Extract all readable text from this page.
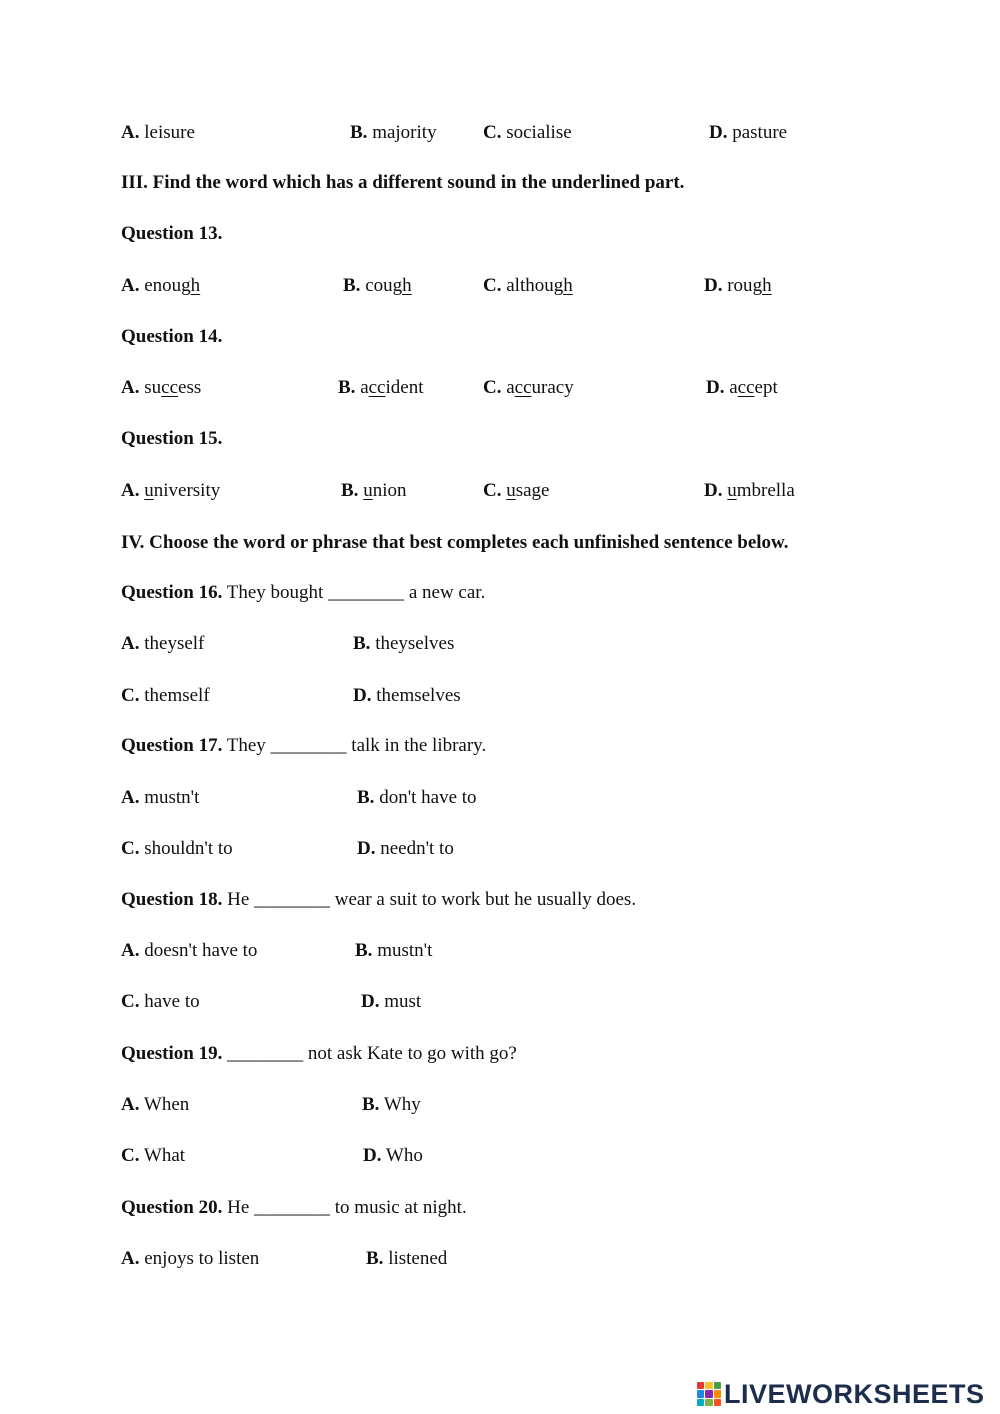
A. leisure	B. majority C. socialise	D. pasture
III. Find the word which has a different sound in the underlined part.
Question 13.
A. enough	B. cough	C. although	D. rough
Question 14.
A. success	B. accident	C. accuracy	D. accept
Question 15.
A. university	B. union	C. usage	D. umbrella
IV. Choose the word or phrase that best completes each unfinished sentence below.
Question 16. They bought ________ a new car.
A. theyself	B. theyselves
C. themself	D. themselves
Question 17. They ________ talk in the library.
A. mustn't	B. don't have to
C. shouldn't to	D. needn't to
Question 18. He ________ wear a suit to work but he usually does.
A. doesn't have to	B. mustn't
C. have to	D. must
Question 19. ________ not ask Kate to go with go?
A. When	B. Why
C. What	D. Who
Question 20. He ________ to music at night.
A. enjoys to listen	B. listened
LIVEWORKSHEETS
